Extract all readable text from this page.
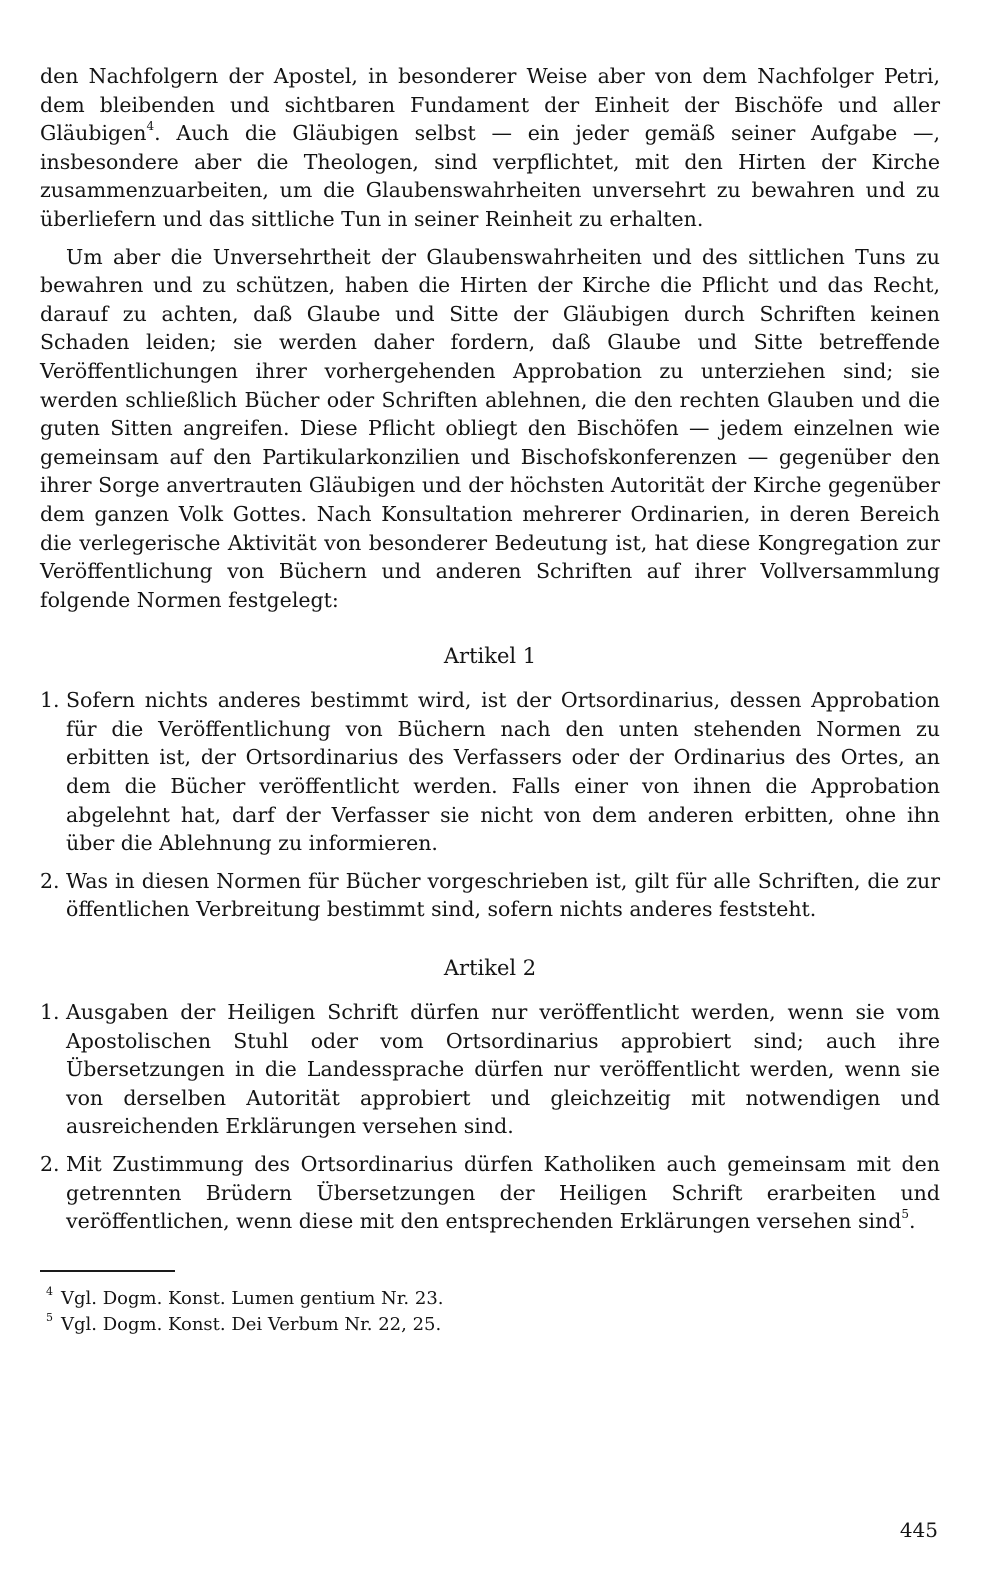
den Nachfolgern der Apostel, in besonderer Weise aber von dem Nachfolger Petri, dem bleibenden und sichtbaren Fundament der Einheit der Bischöfe und aller Gläubigen$^4$. Auch die Gläubigen selbst — ein jeder gemäß seiner Aufgabe —, insbesondere aber die Theologen, sind verpflichtet, mit den Hirten der Kirche zusammenzuarbeiten, um die Glaubenswahrheiten unversehrt zu bewahren und zu überliefern und das sittliche Tun in seiner Reinheit zu erhalten.

Um aber die Unversehrtheit der Glaubenswahrheiten und des sittlichen Tuns zu bewahren und zu schützen, haben die Hirten der Kirche die Pflicht und das Recht, darauf zu achten, daß Glaube und Sitte der Gläubigen durch Schriften keinen Schaden leiden; sie werden daher fordern, daß Glaube und Sitte betreffende Veröffentlichungen ihrer vorhergehenden Approbation zu unterziehen sind; sie werden schließlich Bücher oder Schriften ablehnen, die den rechten Glauben und die guten Sitten angreifen. Diese Pflicht obliegt den Bischöfen — jedem einzelnen wie gemeinsam auf den Partikularkonzilien und Bischofskonferenzen — gegenüber den ihrer Sorge anvertrauten Gläubigen und der höchsten Autorität der Kirche gegenüber dem ganzen Volk Gottes. Nach Konsultation mehrerer Ordinarien, in deren Bereich die verlegerische Aktivität von besonderer Bedeutung ist, hat diese Kongregation zur Veröffentlichung von Büchern und anderen Schriften auf ihrer Vollversammlung folgende Normen festgelegt:

Artikel 1
1. Sofern nichts anderes bestimmt wird, ist der Ortsordinarius, dessen Approbation für die Veröffentlichung von Büchern nach den unten stehenden Normen zu erbitten ist, der Ortsordinarius des Verfassers oder der Ordinarius des Ortes, an dem die Bücher veröffentlicht werden. Falls einer von ihnen die Approbation abgelehnt hat, darf der Verfasser sie nicht von dem anderen erbitten, ohne ihn über die Ablehnung zu informieren.
2. Was in diesen Normen für Bücher vorgeschrieben ist, gilt für alle Schriften, die zur öffentlichen Verbreitung bestimmt sind, sofern nichts anderes feststeht.
Artikel 2
1. Ausgaben der Heiligen Schrift dürfen nur veröffentlicht werden, wenn sie vom Apostolischen Stuhl oder vom Ortsordinarius approbiert sind; auch ihre Übersetzungen in die Landessprache dürfen nur veröffentlicht werden, wenn sie von derselben Autorität approbiert und gleichzeitig mit notwendigen und ausreichenden Erklärungen versehen sind.
2. Mit Zustimmung des Ortsordinarius dürfen Katholiken auch gemeinsam mit den getrennten Brüdern Übersetzungen der Heiligen Schrift erarbeiten und veröffentlichen, wenn diese mit den entsprechenden Erklärungen versehen sind$^5$.
$^4$ Vgl. Dogm. Konst. Lumen gentium Nr. 23.
$^5$ Vgl. Dogm. Konst. Dei Verbum Nr. 22, 25.
445
